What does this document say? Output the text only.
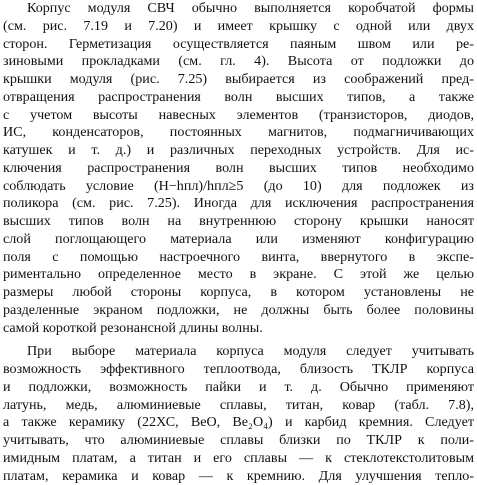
Корпус модуля СВЧ обычно выполняется коробчатой формы
(см. рис. 7.19 и 7.20) и имеет крышку с одной или двух
сторон. Герметизация осуществляется паяным швом или ре-
зиновыми прокладками (см. гл. 4). Высота от подложки до
крышки модуля (рис. 7.25) выбирается из соображений пред-
отвращения распространения волн высших типов, а также
с учетом высоты навесных элементов (транзисторов, диодов,
ИС, конденсаторов, постоянных магнитов, подмагничивающих
катушек и т. д.) и различных переходных устройств. Для ис-
ключения распространения волн высших типов необходимо
соблюдать условие (H−hпл)/hпл≥5 (до 10) для подложек из
поликора (см. рис. 7.25). Иногда для исключения распространения
высших типов волн на внутреннюю сторону крышки наносят
слой поглощающего материала или изменяют конфигурацию
поля с помощью настроечного винта, ввернутого в экспе-
риментально определенное место в экране. С этой же целью
размеры любой стороны корпуса, в котором установлены не
разделенные экраном подложки, не должны быть более половины
самой короткой резонансной длины волны.
При выборе материала корпуса модуля следует учитывать
возможность эффективного теплоотвода, близость ТКЛР корпуса
и подложки, возможность пайки и т. д. Обычно применяют
латунь, медь, алюминиевые сплавы, титан, ковар (табл. 7.8),
а также керамику (22ХС, BeO, Be₂O₄) и карбид кремния. Следует
учитывать, что алюминиевые сплавы близки по ТКЛР к поли-
имидным платам, а титан и его сплавы — к стеклотекстолитовым
платам, керамика и ковар — к кремнию. Для улучшения тепло-
